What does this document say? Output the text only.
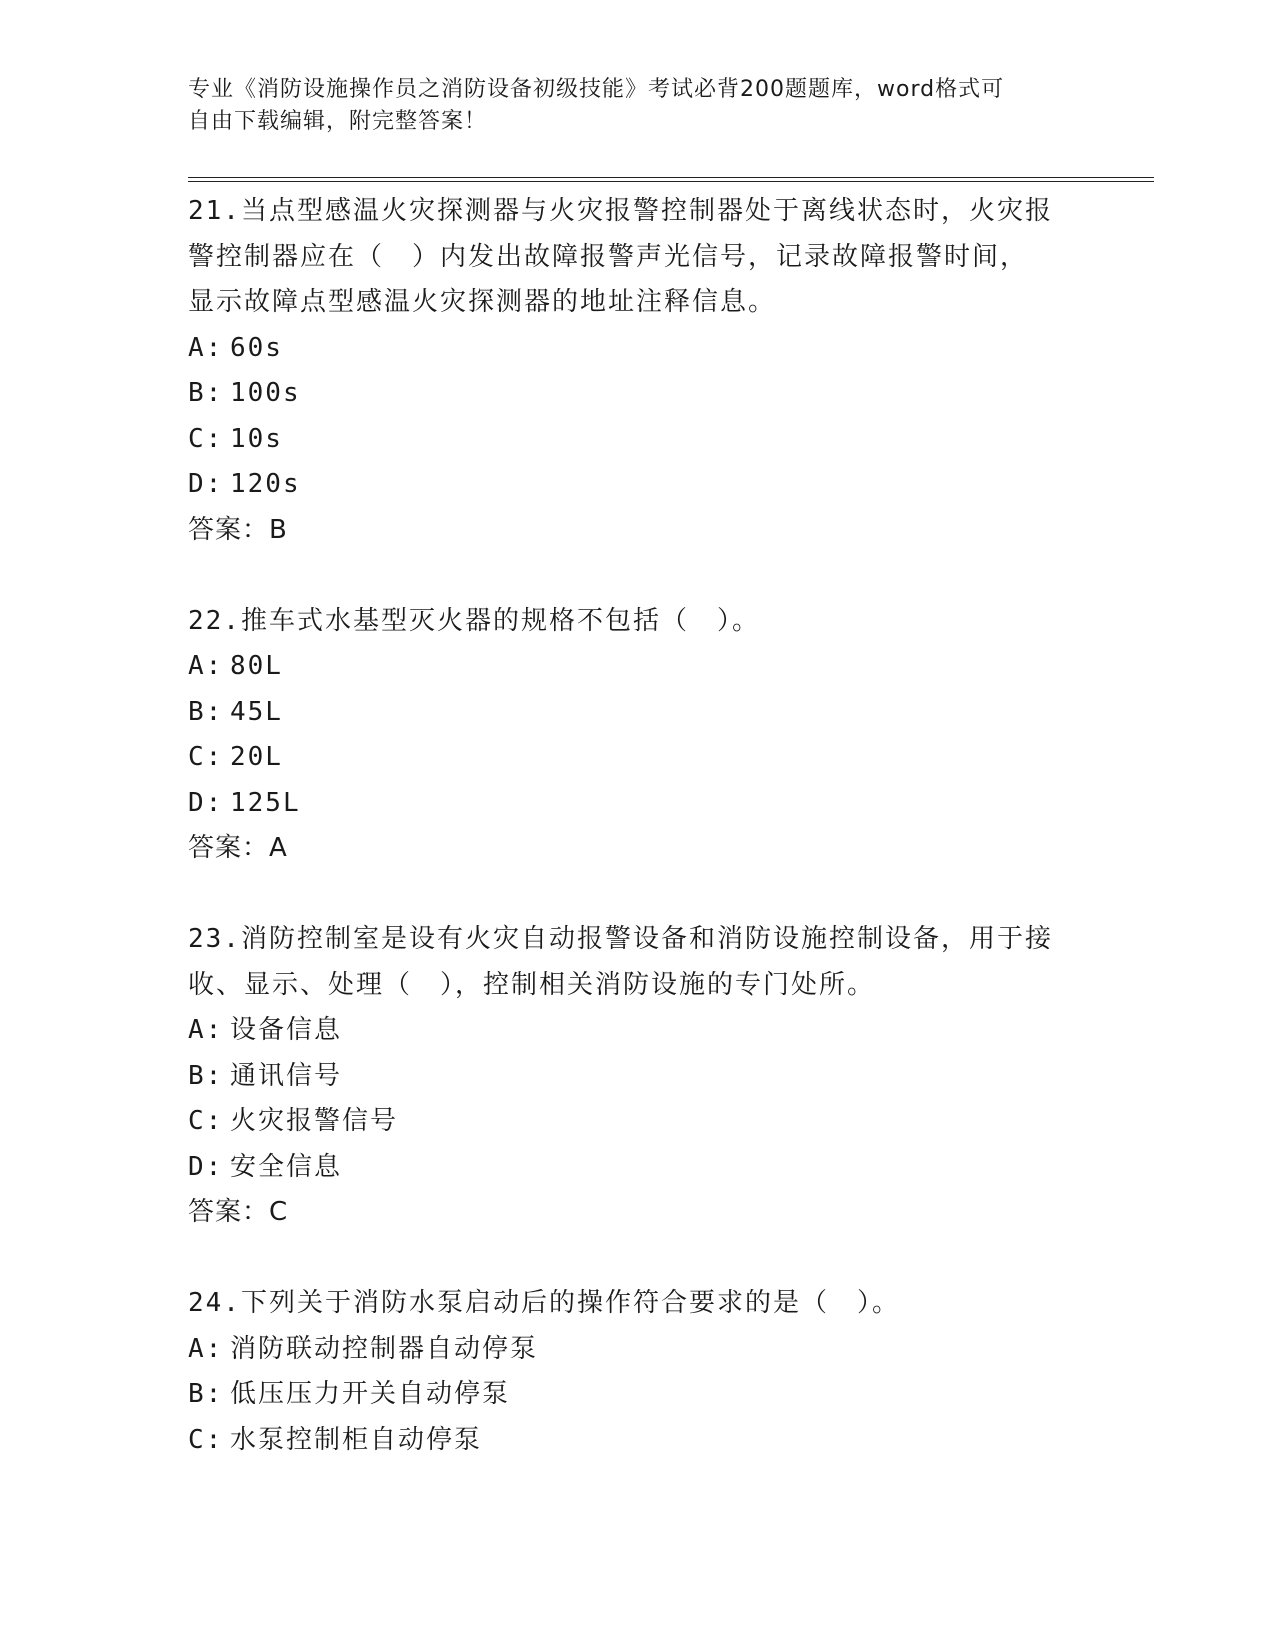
专业《消防设施操作员之消防设备初级技能》考试必背200题题库，word格式可
自由下载编辑，附完整答案！

21.当点型感温火灾探测器与火灾报警控制器处于离线状态时，火灾报
警控制器应在（　）内发出故障报警声光信号，记录故障报警时间，
显示故障点型感温火灾探测器的地址注释信息。

A: 60s

B: 100s

C: 10s

D: 120s

答案：B

22.推车式水基型灭火器的规格不包括（　）。

A: 80L

B: 45L

C: 20L

D: 125L

答案：A

23.消防控制室是设有火灾自动报警设备和消防设施控制设备，用于接
收、显示、处理（　），控制相关消防设施的专门处所。

A: 设备信息

B: 通讯信号

C: 火灾报警信号

D: 安全信息

答案：C

24.下列关于消防水泵启动后的操作符合要求的是（　）。

A: 消防联动控制器自动停泵

B: 低压压力开关自动停泵

C: 水泵控制柜自动停泵
